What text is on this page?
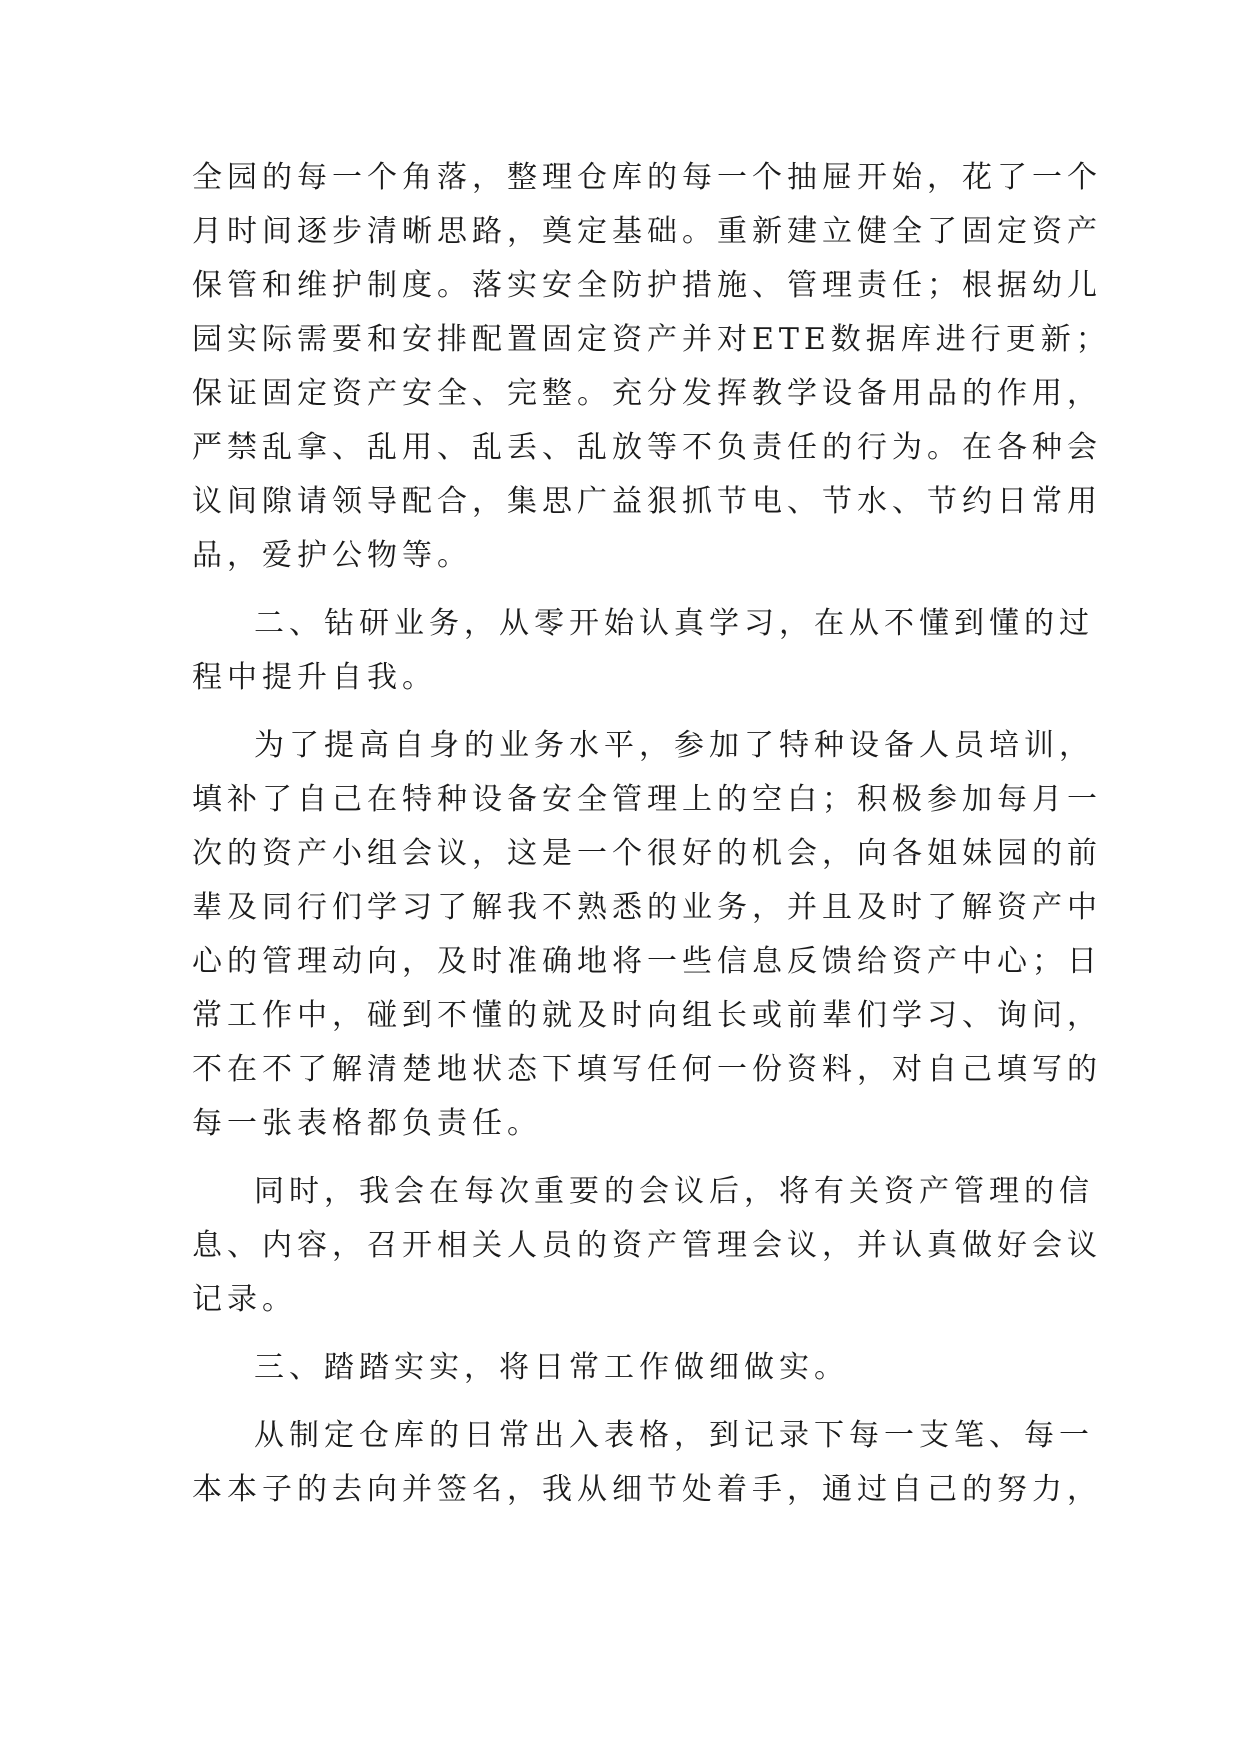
全园的每一个角落，整理仓库的每一个抽屉开始，花了一个
月时间逐步清晰思路，奠定基础。重新建立健全了固定资产
保管和维护制度。落实安全防护措施、管理责任；根据幼儿
园实际需要和安排配置固定资产并对ETE数据库进行更新；
保证固定资产安全、完整。充分发挥教学设备用品的作用，
严禁乱拿、乱用、乱丢、乱放等不负责任的行为。在各种会
议间隙请领导配合，集思广益狠抓节电、节水、节约日常用
品，爱护公物等。
二、钻研业务，从零开始认真学习，在从不懂到懂的过
程中提升自我。
为了提高自身的业务水平，参加了特种设备人员培训，
填补了自己在特种设备安全管理上的空白；积极参加每月一
次的资产小组会议，这是一个很好的机会，向各姐妹园的前
辈及同行们学习了解我不熟悉的业务，并且及时了解资产中
心的管理动向，及时准确地将一些信息反馈给资产中心；日
常工作中，碰到不懂的就及时向组长或前辈们学习、询问，
不在不了解清楚地状态下填写任何一份资料，对自己填写的
每一张表格都负责任。
同时，我会在每次重要的会议后，将有关资产管理的信
息、内容，召开相关人员的资产管理会议，并认真做好会议
记录。
三、踏踏实实，将日常工作做细做实。
从制定仓库的日常出入表格，到记录下每一支笔、每一
本本子的去向并签名，我从细节处着手，通过自己的努力，
